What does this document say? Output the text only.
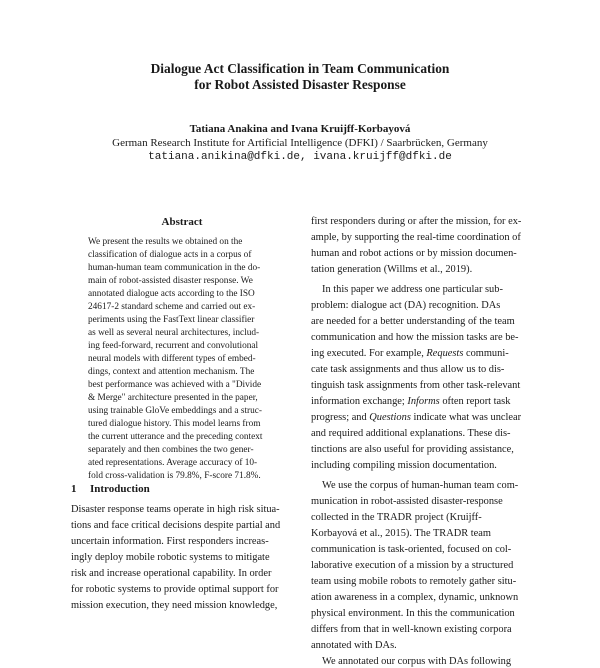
Dialogue Act Classification in Team Communication
for Robot Assisted Disaster Response
Tatiana Anakina and Ivana Kruijff-Korbayová
German Research Institute for Artificial Intelligence (DFKI) / Saarbrücken, Germany
tatiana.anikina@dfki.de, ivana.kruijff@dfki.de
Abstract
We present the results we obtained on the
classification of dialogue acts in a corpus of
human-human team communication in the do-
main of robot-assisted disaster response. We
annotated dialogue acts according to the ISO
24617-2 standard scheme and carried out ex-
periments using the FastText linear classifier
as well as several neural architectures, includ-
ing feed-forward, recurrent and convolutional
neural models with different types of embed-
dings, context and attention mechanism. The
best performance was achieved with a "Divide
& Merge" architecture presented in the paper,
using trainable GloVe embeddings and a struc-
tured dialogue history. This model learns from
the current utterance and the preceding context
separately and then combines the two gener-
ated representations. Average accuracy of 10-
fold cross-validation is 79.8%, F-score 71.8%.
1 Introduction
Disaster response teams operate in high risk situa-
tions and face critical decisions despite partial and
uncertain information. First responders increas-
ingly deploy mobile robotic systems to mitigate
risk and increase operational capability. In order
for robotic systems to provide optimal support for
mission execution, they need mission knowledge,
first responders during or after the mission, for ex-
ample, by supporting the real-time coordination of
human and robot actions or by mission documen-
tation generation (Willms et al., 2019).
In this paper we address one particular sub-
problem: dialogue act (DA) recognition. DAs
are needed for a better understanding of the team
communication and how the mission tasks are be-
ing executed. For example, Requests communi-
cate task assignments and thus allow us to dis-
tinguish task assignments from other task-relevant
information exchange; Informs often report task
progress; and Questions indicate what was unclear
and required additional explanations. These dis-
tinctions are also useful for providing assistance,
including compiling mission documentation.
We use the corpus of human-human team com-
munication in robot-assisted disaster-response
collected in the TRADR project (Kruijff-
Korbayová et al., 2015). The TRADR team
communication is task-oriented, focused on col-
laborative execution of a mission by a structured
team using mobile robots to remotely gather situ-
ation awareness in a complex, dynamic, unknown
physical environment. In this the communication
differs from that in well-known existing corpora
annotated with DAs.
We annotated our corpus with DAs following
